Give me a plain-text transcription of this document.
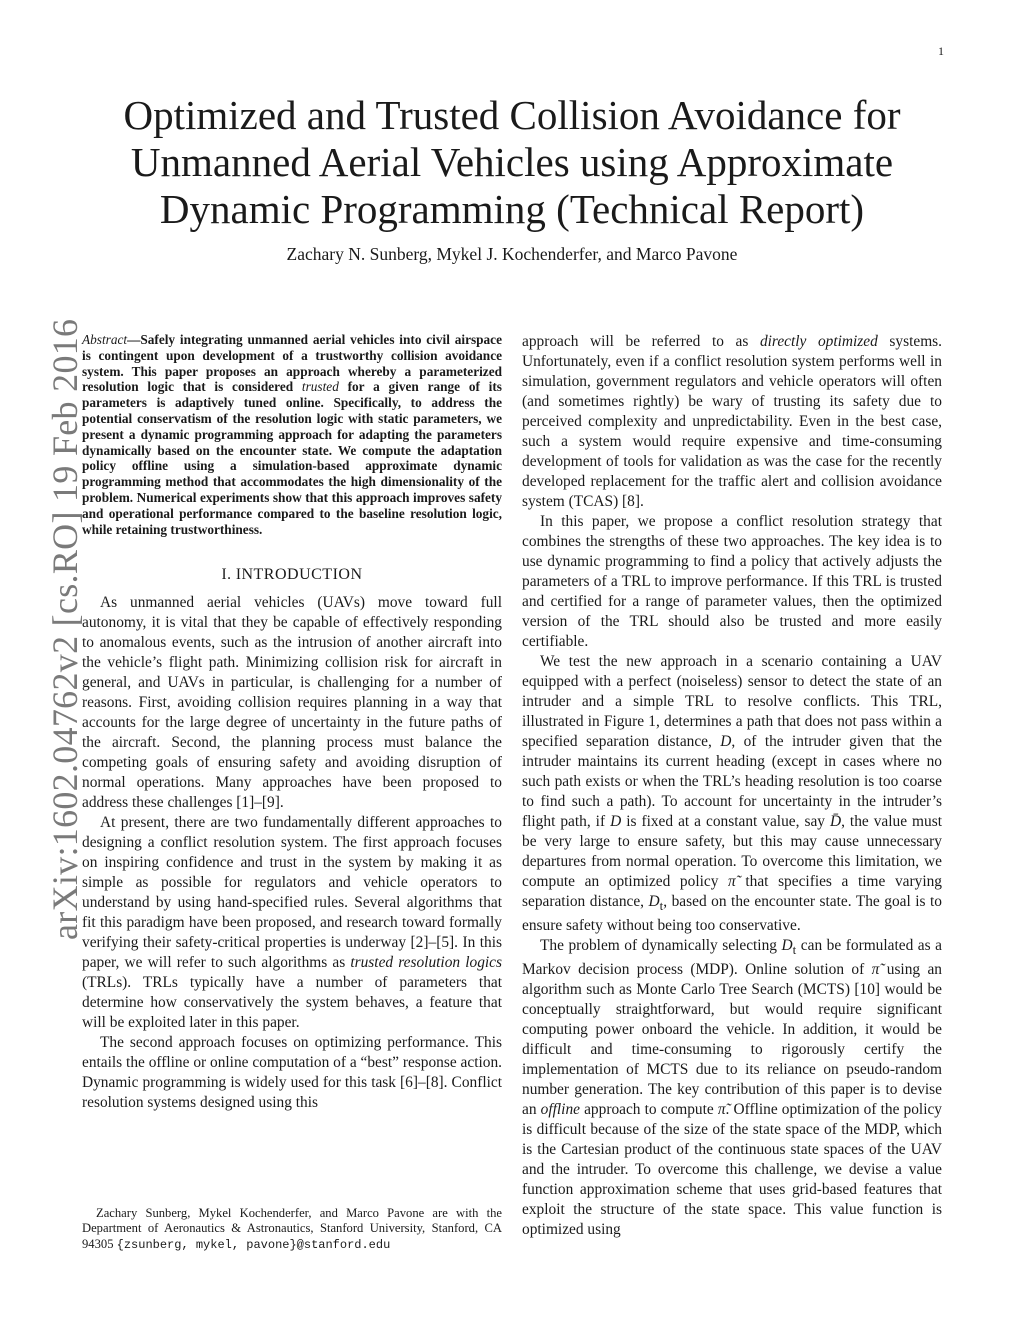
1
arXiv:1602.04762v2 [cs.RO] 19 Feb 2016
Optimized and Trusted Collision Avoidance for
Unmanned Aerial Vehicles using Approximate
Dynamic Programming (Technical Report)
Zachary N. Sunberg, Mykel J. Kochenderfer, and Marco Pavone
Abstract—Safely integrating unmanned aerial vehicles into civil airspace is contingent upon development of a trustworthy collision avoidance system. This paper proposes an approach whereby a parameterized resolution logic that is considered trusted for a given range of its parameters is adaptively tuned online. Specifically, to address the potential conservatism of the resolution logic with static parameters, we present a dynamic programming approach for adapting the parameters dynamically based on the encounter state. We compute the adaptation policy offline using a simulation-based approximate dynamic programming method that accommodates the high dimensionality of the problem. Numerical experiments show that this approach improves safety and operational performance compared to the baseline resolution logic, while retaining trustworthiness.
I. INTRODUCTION

As unmanned aerial vehicles (UAVs) move toward full autonomy, it is vital that they be capable of effectively responding to anomalous events, such as the intrusion of another aircraft into the vehicle’s flight path. Minimizing collision risk for aircraft in general, and UAVs in particular, is challenging for a number of reasons. First, avoiding collision requires planning in a way that accounts for the large degree of uncertainty in the future paths of the aircraft. Second, the planning process must balance the competing goals of ensuring safety and avoiding disruption of normal operations. Many approaches have been proposed to address these challenges [1]–[9].

At present, there are two fundamentally different approaches to designing a conflict resolution system. The first approach focuses on inspiring confidence and trust in the system by making it as simple as possible for regulators and vehicle operators to understand by using hand-specified rules. Several algorithms that fit this paradigm have been proposed, and research toward formally verifying their safety-critical properties is underway [2]–[5]. In this paper, we will refer to such algorithms as trusted resolution logics (TRLs). TRLs typically have a number of parameters that determine how conservatively the system behaves, a feature that will be exploited later in this paper.

The second approach focuses on optimizing performance. This entails the offline or online computation of a “best” response action. Dynamic programming is widely used for this task [6]–[8]. Conflict resolution systems designed using this

Zachary Sunberg, Mykel Kochenderfer, and Marco Pavone are with the Department of Aeronautics & Astronautics, Stanford University, Stanford, CA 94305 {zsunberg, mykel, pavone}@stanford.edu

approach will be referred to as directly optimized systems. Unfortunately, even if a conflict resolution system performs well in simulation, government regulators and vehicle operators will often (and sometimes rightly) be wary of trusting its safety due to perceived complexity and unpredictability. Even in the best case, such a system would require expensive and time-consuming development of tools for validation as was the case for the recently developed replacement for the traffic alert and collision avoidance system (TCAS) [8].

In this paper, we propose a conflict resolution strategy that combines the strengths of these two approaches. The key idea is to use dynamic programming to find a policy that actively adjusts the parameters of a TRL to improve performance. If this TRL is trusted and certified for a range of parameter values, then the optimized version of the TRL should also be trusted and more easily certifiable.

We test the new approach in a scenario containing a UAV equipped with a perfect (noiseless) sensor to detect the state of an intruder and a simple TRL to resolve conflicts. This TRL, illustrated in Figure 1, determines a path that does not pass within a specified separation distance, D, of the intruder given that the intruder maintains its current heading (except in cases where no such path exists or when the TRL’s heading resolution is too coarse to find such a path). To account for uncertainty in the intruder’s flight path, if D is fixed at a constant value, say D̄, the value must be very large to ensure safety, but this may cause unnecessary departures from normal operation. To overcome this limitation, we compute an optimized policy π̃ that specifies a time varying separation distance, $D_t$, based on the encounter state. The goal is to ensure safety without being too conservative.

The problem of dynamically selecting $D_t$ can be formulated as a Markov decision process (MDP). Online solution of π̃ using an algorithm such as Monte Carlo Tree Search (MCTS) [10] would be conceptually straightforward, but would require significant computing power onboard the vehicle. In addition, it would be difficult and time-consuming to rigorously certify the implementation of MCTS due to its reliance on pseudo-random number generation. The key contribution of this paper is to devise an offline approach to compute π̃. Offline optimization of the policy is difficult because of the size of the state space of the MDP, which is the Cartesian product of the continuous state spaces of the UAV and the intruder. To overcome this challenge, we devise a value function approximation scheme that uses grid-based features that exploit the structure of the state space. This value function is optimized using
